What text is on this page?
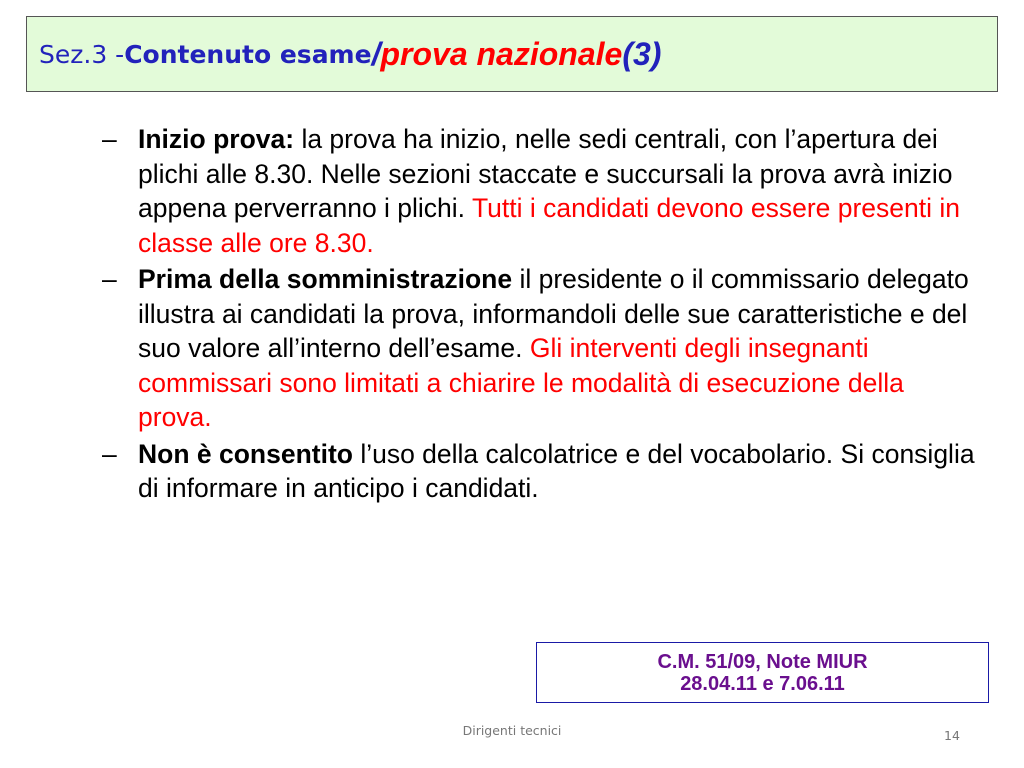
Sez.3 - Contenuto esame / prova nazionale (3)
– Inizio prova: la prova ha inizio, nelle sedi centrali, con l’apertura dei plichi alle 8.30. Nelle sezioni staccate e succursali la prova avrà inizio appena perverranno i plichi. Tutti i candidati devono essere presenti in classe alle ore 8.30.
– Prima della somministrazione il presidente o il commissario delegato illustra ai candidati la prova, informandoli delle sue caratteristiche e del suo valore all’interno dell’esame. Gli interventi degli insegnanti commissari sono limitati a chiarire le modalità di esecuzione della prova.
– Non è consentito l’uso della calcolatrice e del vocabolario. Si consiglia di informare in anticipo i candidati.
C.M. 51/09, Note MIUR
28.04.11 e 7.06.11
Dirigenti tecnici	14
